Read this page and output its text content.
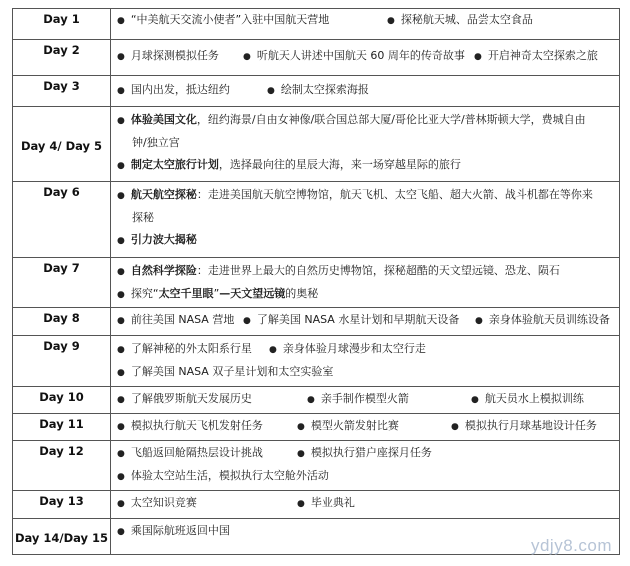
Day 1	● “中美航天交流小使者”入驻中国航天营地 ● 探秘航天城、品尝太空食品

Day 2	● 月球探测模拟任务 ● 听航天人讲述中国航天 60 周年的传奇故事 ● 开启神奇太空探索之旅

Day 3	● 国内出发，抵达纽约 ● 绘制太空探索海报

Day 4/ Day 5	● 体验美国文化，纽约海景/自由女神像/联合国总部大厦/哥伦比亚大学/普林斯顿大学，费城自由
钟/独立宫
● 制定太空旅行计划，选择最向往的星辰大海，来一场穿越星际的旅行

Day 6	● 航天航空探秘：走进美国航天航空博物馆，航天飞机、太空飞船、超大火箭、战斗机都在等你来
探秘
● 引力波大揭秘

Day 7	● 自然科学探险：走进世界上最大的自然历史博物馆，探秘超酷的天文望远镜、恐龙、陨石
● 探究“太空千里眼”—天文望远镜的奥秘

Day 8	● 前往美国 NASA 营地 ● 了解美国 NASA 水星计划和早期航天设备 ● 亲身体验航天员训练设备

Day 9	● 了解神秘的外太阳系行星 ● 亲身体验月球漫步和太空行走
● 了解美国 NASA 双子星计划和太空实验室

Day 10	● 了解俄罗斯航天发展历史 ● 亲手制作模型火箭 ● 航天员水上模拟训练

Day 11	● 模拟执行航天飞机发射任务 ● 模型火箭发射比赛 ● 模拟执行月球基地设计任务

Day 12	● 飞船返回舱隔热层设计挑战 ● 模拟执行猎户座探月任务
● 体验太空站生活，模拟执行太空舱外活动

Day 13	● 太空知识竞赛 ● 毕业典礼

Day 14/Day 15	● 乘国际航班返回中国
ydjy8.com
